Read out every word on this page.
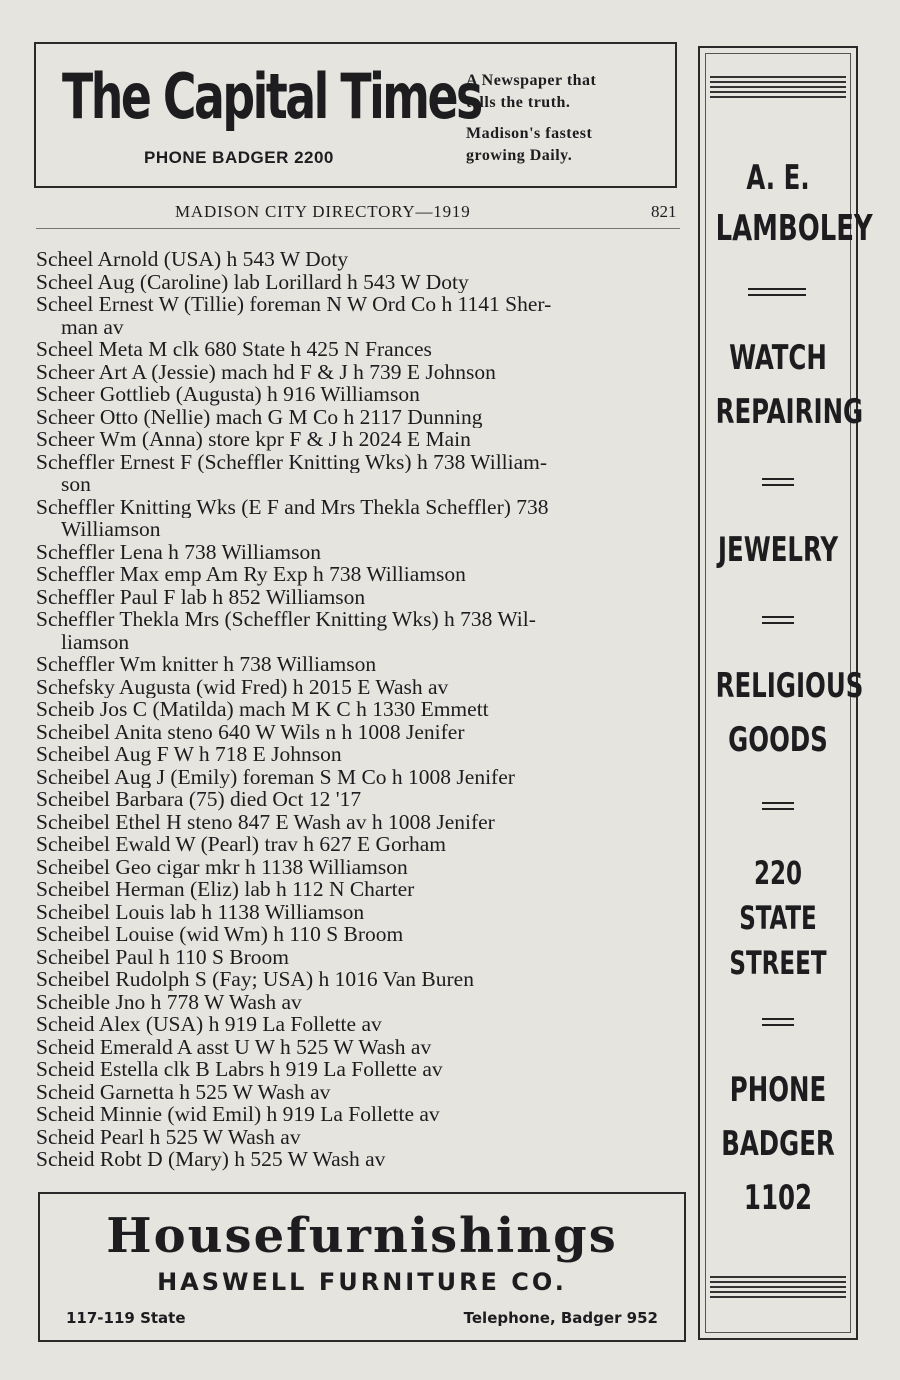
The Capital Times
PHONE BADGER 2200
A Newspaper that
tells the truth.
Madison's fastest
growing Daily.
MADISON CITY DIRECTORY—1919	821
Scheel Arnold (USA) h 543 W Doty
Scheel Aug (Caroline) lab Lorillard h 543 W Doty
Scheel Ernest W (Tillie) foreman N W Ord Co h 1141 Sher-
man av
Scheel Meta M clk 680 State h 425 N Frances
Scheer Art A (Jessie) mach hd F & J h 739 E Johnson
Scheer Gottlieb (Augusta) h 916 Williamson
Scheer Otto (Nellie) mach G M Co h 2117 Dunning
Scheer Wm (Anna) store kpr F & J h 2024 E Main
Scheffler Ernest F (Scheffler Knitting Wks) h 738 William-
son
Scheffler Knitting Wks (E F and Mrs Thekla Scheffler) 738
Williamson
Scheffler Lena h 738 Williamson
Scheffler Max emp Am Ry Exp h 738 Williamson
Scheffler Paul F lab h 852 Williamson
Scheffler Thekla Mrs (Scheffler Knitting Wks) h 738 Wil-
liamson
Scheffler Wm knitter h 738 Williamson
Schefsky Augusta (wid Fred) h 2015 E Wash av
Scheib Jos C (Matilda) mach M K C h 1330 Emmett
Scheibel Anita steno 640 W Wils n h 1008 Jenifer
Scheibel Aug F W h 718 E Johnson
Scheibel Aug J (Emily) foreman S M Co h 1008 Jenifer
Scheibel Barbara (75) died Oct 12 '17
Scheibel Ethel H steno 847 E Wash av h 1008 Jenifer
Scheibel Ewald W (Pearl) trav h 627 E Gorham
Scheibel Geo cigar mkr h 1138 Williamson
Scheibel Herman (Eliz) lab h 112 N Charter
Scheibel Louis lab h 1138 Williamson
Scheibel Louise (wid Wm) h 110 S Broom
Scheibel Paul h 110 S Broom
Scheibel Rudolph S (Fay; USA) h 1016 Van Buren
Scheible Jno h 778 W Wash av
Scheid Alex (USA) h 919 La Follette av
Scheid Emerald A asst U W h 525 W Wash av
Scheid Estella clk B Labrs h 919 La Follette av
Scheid Garnetta h 525 W Wash av
Scheid Minnie (wid Emil) h 919 La Follette av
Scheid Pearl h 525 W Wash av
Scheid Robt D (Mary) h 525 W Wash av
Housefurnishings
HASWELL FURNITURE CO.
117-119 State	Telephone, Badger 952
A. E.
LAMBOLEY
WATCH
REPAIRING
JEWELRY
RELIGIOUS
GOODS
220
STATE
STREET
PHONE
BADGER
1102
